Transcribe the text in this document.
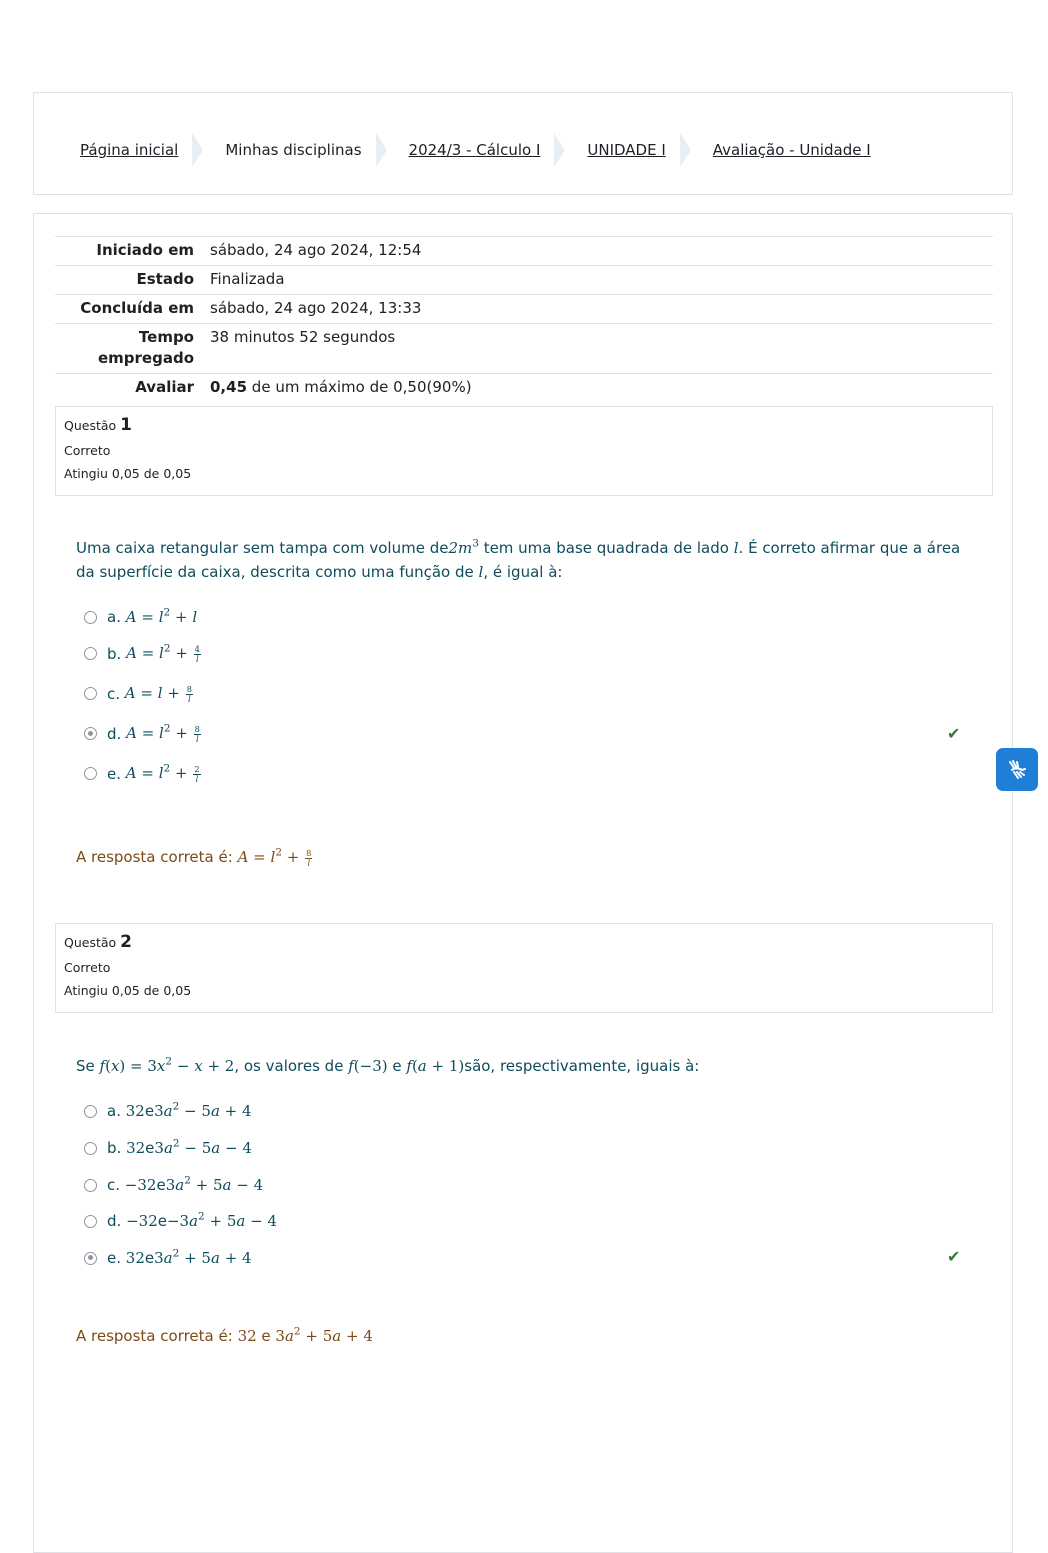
Página inicial	Minhas disciplinas	2024/3 - Cálculo I	UNIDADE I	Avaliação - Unidade I
Iniciado em	sábado, 24 ago 2024, 12:54
Estado	Finalizada
Concluída em	sábado, 24 ago 2024, 13:33
Tempo empregado	38 minutos 52 segundos
Avaliar	0,45 de um máximo de 0,50(90%)
Questão 1
Correto
Atingiu 0,05 de 0,05
Uma caixa retangular sem tampa com volume $de2m^3$ tem uma base quadrada de lado l. É correto afirmar que a área da superfície da caixa, descrita como uma função de l, é igual à:
a.
$A = l^2 + l$
b.
$A = l^2 + \frac{4}{l}$
c.
$A = l + \frac{8}{l}$
d.
$A = l^2 + \frac{8}{l}$	✔
e.
$A = l^2 + \frac{2}{l}$
A resposta correta é: $A = l^2 + \frac{8}{l}$
Questão 2
Correto
Atingiu 0,05 de 0,05
Se $f(x) = 3x^2 - x + 2$, os valores de f(−3) e f(a + 1)são, respectivamente, iguais à:
a.
32 e $3a^2 - 5a + 4$
b.
32 e $3a^2 - 5a - 4$
c.
−32 e $3a^2 + 5a - 4$
d.
−32 $e -3a^2 + 5a - 4$
e.
32 e $3a^2 + 5a + 4$	✔
A resposta correta é: 32 e $3a^2 + 5a + 4$
